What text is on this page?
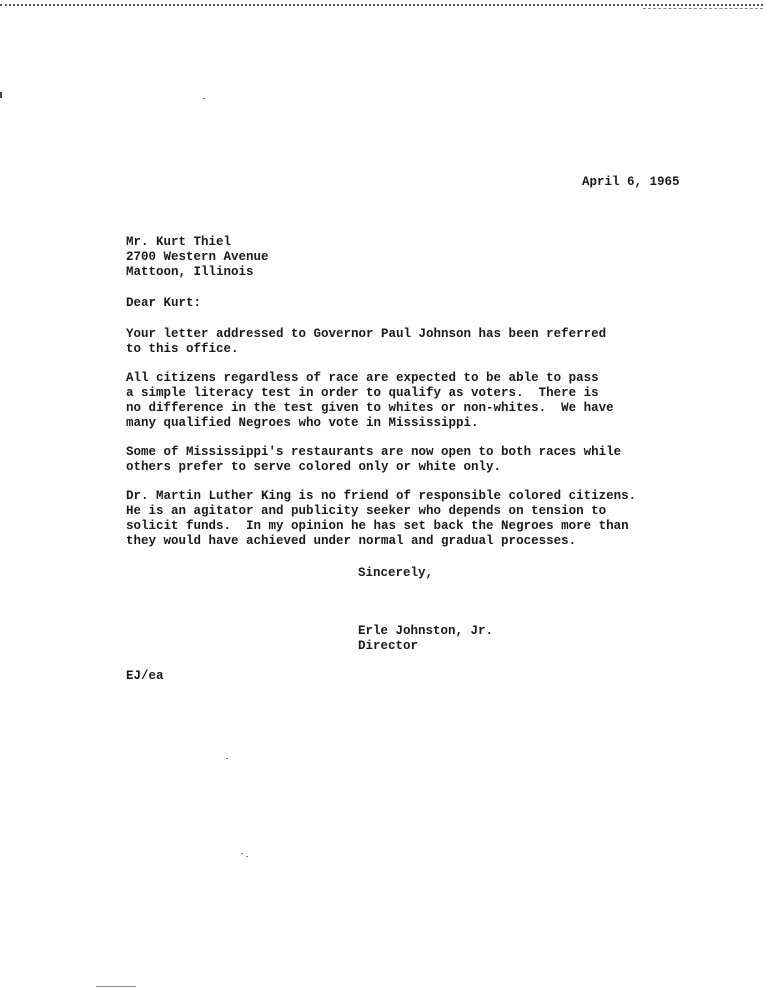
April 6, 1965

Mr. Kurt Thiel

2700 Western Avenue

Mattoon, Illinois

Dear Kurt:

Your letter addressed to Governor Paul Johnson has been referred

to this office.

All citizens regardless of race are expected to be able to pass

a simple literacy test in order to qualify as voters.  There is

no difference in the test given to whites or non-whites.  We have

many qualified Negroes who vote in Mississippi.

Some of Mississippi's restaurants are now open to both races while

others prefer to serve colored only or white only.

Dr. Martin Luther King is no friend of responsible colored citizens.

He is an agitator and publicity seeker who depends on tension to

solicit funds.  In my opinion he has set back the Negroes more than

they would have achieved under normal and gradual processes.

Sincerely,

Erle Johnston, Jr.

Director

EJ/ea
